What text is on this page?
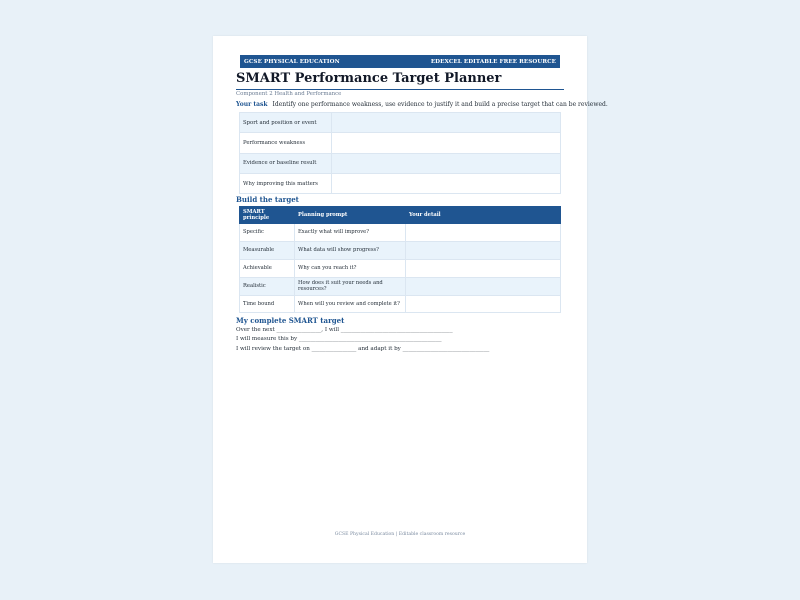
GCSE PHYSICAL EDUCATION	EDEXCEL EDITABLE FREE RESOURCE
SMART Performance Target Planner
Component 2 Health and Performance
Your task Identify one performance weakness, use evidence to justify it and build a precise target that can be reviewed.
Sport and position or event	
Performance weakness	
Evidence or baseline result	
Why improving this matters	
Build the target
SMART principle	Planning prompt	Your detail
Specific	Exactly what will improve?	
Measurable	What data will show progress?	
Achievable	Why can you reach it?	
Realistic	How does it suit your needs and resources?	
Time bound	When will you review and complete it?	
My complete SMART target
Over the next ________________, I will ________________________________________
I will measure this by ___________________________________________________
I will review the target on ________________ and adapt it by _______________________________
GCSE Physical Education | Editable classroom resource
